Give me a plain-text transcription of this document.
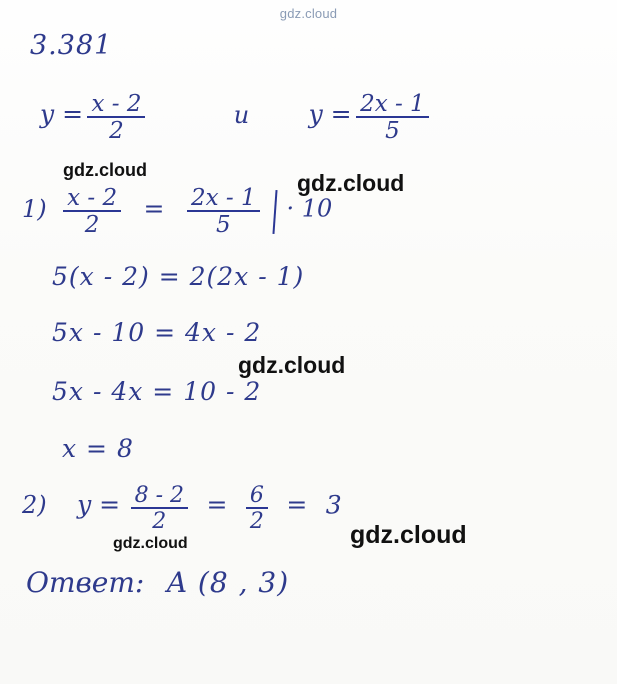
gdz.cloud
3.381
$y = \frac{x - 2}{2}$	и $y = \frac{2x - 1}{5}$
$1) \frac{x - 2}{2} = \frac{2x - 1}{5} \cdot 10$
5(x - 2) = 2(2x - 1)
5x - 10 = 4x - 2
5x - 4x = 10 - 2
x = 8
2) $y = \frac{8 - 2}{2} = \frac{6}{2} = 3$
Ответ: A (8 , 3)
gdz.cloud	gdz.cloud
gdz.cloud
gdz.cloud	gdz.cloud
